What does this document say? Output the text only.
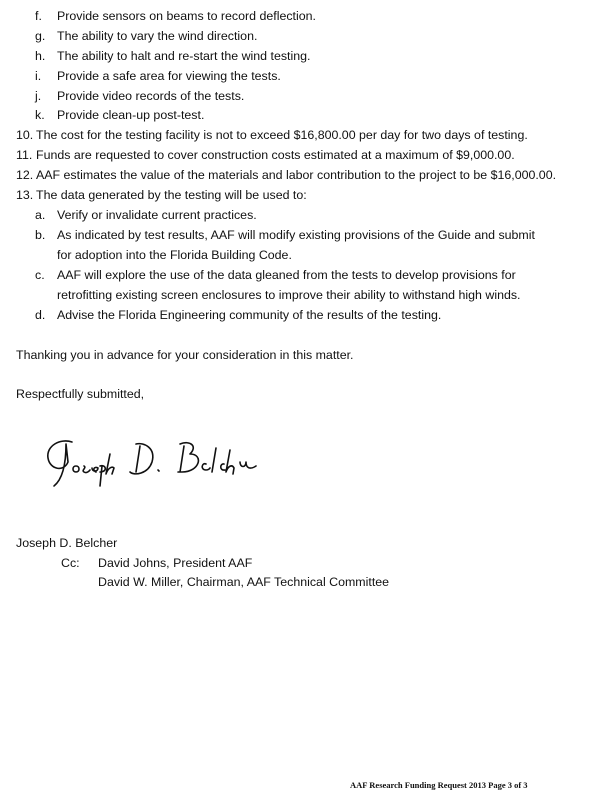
f. Provide sensors on beams to record deflection.
g. The ability to vary the wind direction.
h. The ability to halt and re-start the wind testing.
i. Provide a safe area for viewing the tests.
j. Provide video records of the tests.
k. Provide clean-up post-test.
10. The cost for the testing facility is not to exceed $16,800.00 per day for two days of testing.
11. Funds are requested to cover construction costs estimated at a maximum of $9,000.00.
12. AAF estimates the value of the materials and labor contribution to the project to be $16,000.00.
13. The data generated by the testing will be used to:
a. Verify or invalidate current practices.
b. As indicated by test results, AAF will modify existing provisions of the Guide and submit
for adoption into the Florida Building Code.
c. AAF will explore the use of the data gleaned from the tests to develop provisions for
retrofitting existing screen enclosures to improve their ability to withstand high winds.
d. Advise the Florida Engineering community of the results of the testing.
Thanking you in advance for your consideration in this matter.
Respectfully submitted,
Joseph D. Belcher
Joseph D. Belcher
Cc: David Johns, President AAF
David W. Miller, Chairman, AAF Technical Committee
AAF Research Funding Request 2013 Page 3 of 3
